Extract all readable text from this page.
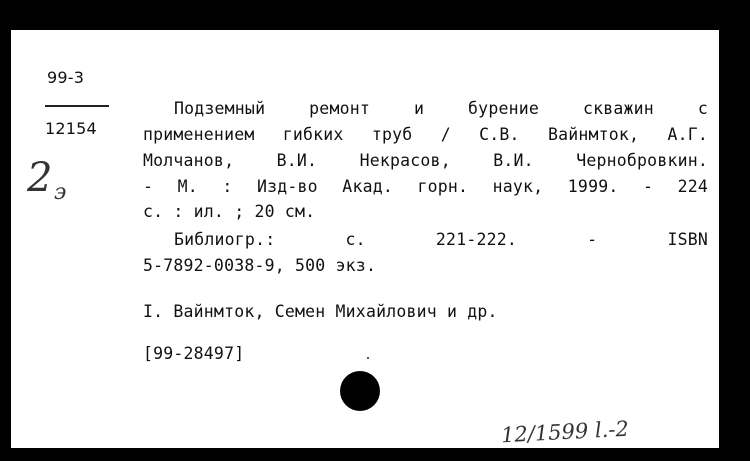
99-3
12154
2 э
Подземный ремонт и бурение скважин с
применением гибких труб / С.В. Вайнмток, А.Г.
Молчанов, В.И. Некрасов, В.И. Чернобровкин.
- М. : Изд-во Акад. горн. наук, 1999. - 224
с. : ил. ; 20 см.
Библиогр.: с. 221-222. - ISBN
5-7892-0038-9, 500 экз.
I. Вайнмток, Семен Михайлович и др.
[99-28497]
12/1599 l.-2
